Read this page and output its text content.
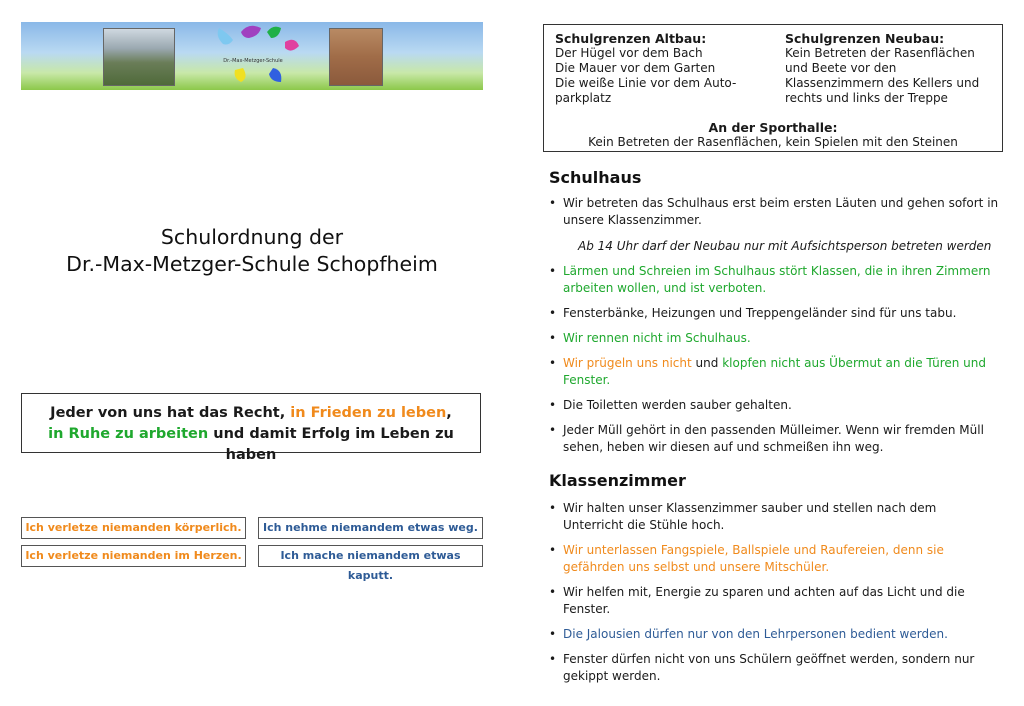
Dr.-Max-Metzger-Schule
Schulordnung der
Dr.-Max-Metzger-Schule Schopfheim
Jeder von uns hat das Recht, in Frieden zu leben,
in Ruhe zu arbeiten und damit Erfolg im Leben zu haben
Ich verletze niemanden körperlich.	Ich nehme niemandem etwas weg.
Ich verletze niemanden im Herzen.	Ich mache niemandem etwas kaputt.
Schulgrenzen Altbau:
Der Hügel vor dem Bach
Die Mauer vor dem Garten
Die weiße Linie vor dem Auto-
parkplatz
Schulgrenzen Neubau:
Kein Betreten der Rasenflächen
und Beete vor den
Klassenzimmern des Kellers und
rechts und links der Treppe
An der Sporthalle:
Kein Betreten der Rasenflächen, kein Spielen mit den Steinen
Schulhaus
• Wir betreten das Schulhaus erst beim ersten Läuten und gehen sofort in unsere Klassenzimmer.
Ab 14 Uhr darf der Neubau nur mit Aufsichtsperson betreten werden
• Lärmen und Schreien im Schulhaus stört Klassen, die in ihren Zimmern arbeiten wollen, und ist verboten.
• Fensterbänke, Heizungen und Treppengeländer sind für uns tabu.
• Wir rennen nicht im Schulhaus.
• Wir prügeln uns nicht und klopfen nicht aus Übermut an die Türen und Fenster.
• Die Toiletten werden sauber gehalten.
• Jeder Müll gehört in den passenden Mülleimer. Wenn wir fremden Müll sehen, heben wir diesen auf und schmeißen ihn weg.
Klassenzimmer
• Wir halten unser Klassenzimmer sauber und stellen nach dem Unterricht die Stühle hoch.
• Wir unterlassen Fangspiele, Ballspiele und Raufereien, denn sie gefährden uns selbst und unsere Mitschüler.
• Wir helfen mit, Energie zu sparen und achten auf das Licht und die Fenster.
• Die Jalousien dürfen nur von den Lehrpersonen bedient werden.
• Fenster dürfen nicht von uns Schülern geöffnet werden, sondern nur gekippt werden.
